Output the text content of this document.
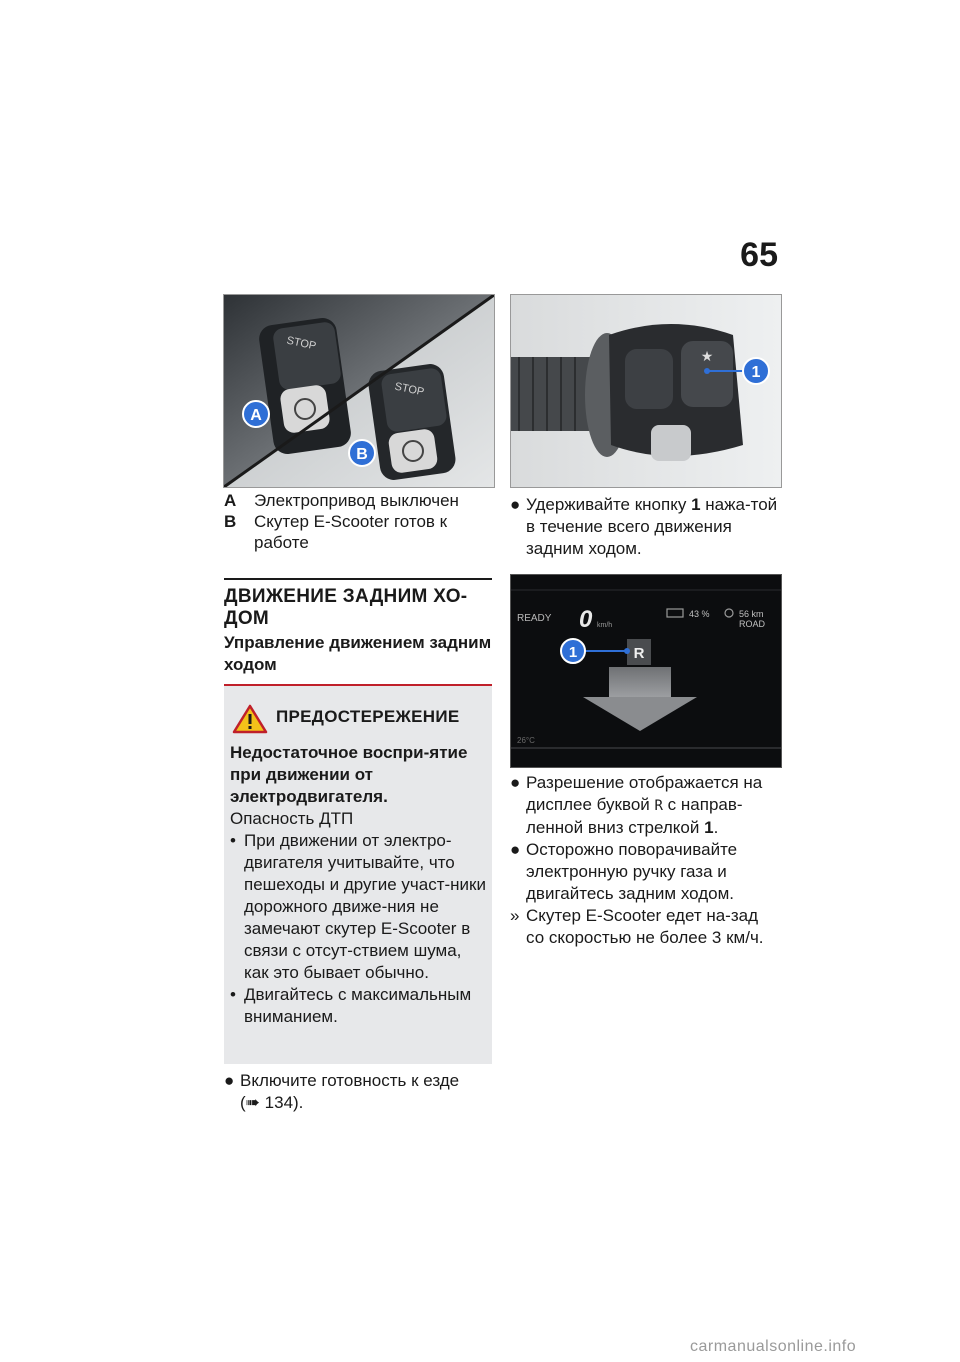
65
STOP
STOP
A
B
★
1
READY 0 km/h
43 %	56 km
ROAD
R
1
26°C
A	Электропривод выключен
B	Скутер E-Scooter готов к работе
ДВИЖЕНИЕ ЗАДНИМ ХО-ДОМ
Управление движением задним ходом
ПРЕДОСТЕРЕЖЕНИЕ
Недостаточное воспри-ятие при движении от электродвигателя.
Опасность ДТП
• При движении от электро-двигателя учитывайте, что пешеходы и другие участ-ники дорожного движе-ния не замечают скутер E-Scooter в связи с отсут-ствием шума, как это бывает обычно.
• Двигайтесь с максимальным вниманием.
● Включите готовность к езде
(➠ 134).
● Удерживайте кнопку 1 нажа-той в течение всего движения задним ходом.
● Разрешение отображается на дисплее буквой R с направ-ленной вниз стрелкой 1.
● Осторожно поворачивайте электронную ручку газа и двигайтесь задним ходом.
» Скутер E-Scooter едет на-зад со скоростью не более 3 км/ч.
carmanualsonline.info
